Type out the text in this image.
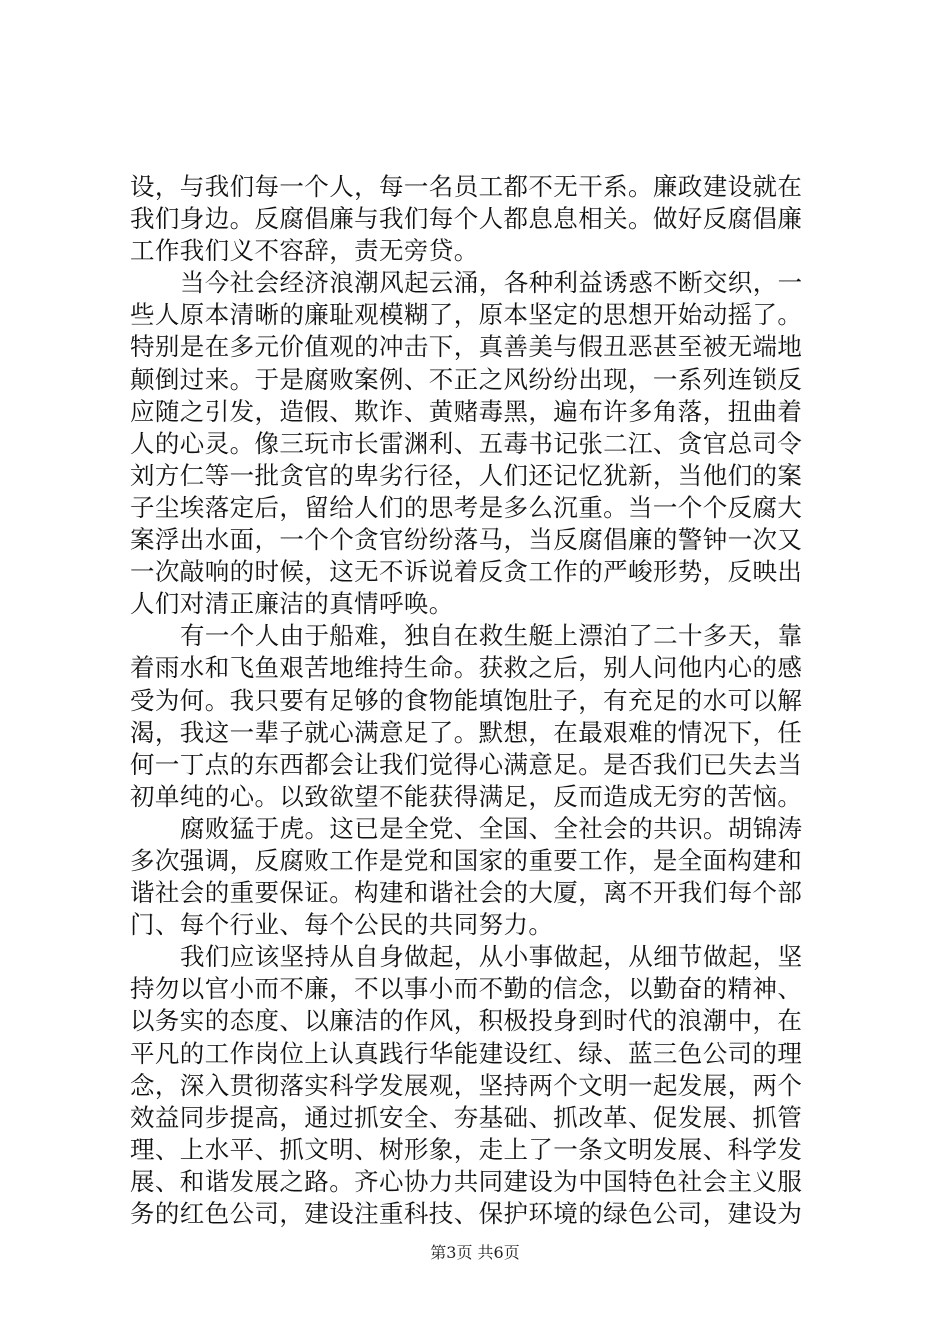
设，与我们每一个人，每一名员工都不无干系。廉政建设就在
我们身边。反腐倡廉与我们每个人都息息相关。做好反腐倡廉
工作我们义不容辞，责无旁贷。
当今社会经济浪潮风起云涌，各种利益诱惑不断交织，一
些人原本清晰的廉耻观模糊了，原本坚定的思想开始动摇了。
特别是在多元价值观的冲击下，真善美与假丑恶甚至被无端地
颠倒过来。于是腐败案例、不正之风纷纷出现，一系列连锁反
应随之引发，造假、欺诈、黄赌毒黑，遍布许多角落，扭曲着
人的心灵。像三玩市长雷渊利、五毒书记张二江、贪官总司令
刘方仁等一批贪官的卑劣行径，人们还记忆犹新，当他们的案
子尘埃落定后，留给人们的思考是多么沉重。当一个个反腐大
案浮出水面，一个个贪官纷纷落马，当反腐倡廉的警钟一次又
一次敲响的时候，这无不诉说着反贪工作的严峻形势，反映出
人们对清正廉洁的真情呼唤。
有一个人由于船难，独自在救生艇上漂泊了二十多天，靠
着雨水和飞鱼艰苦地维持生命。获救之后，别人问他内心的感
受为何。我只要有足够的食物能填饱肚子，有充足的水可以解
渴，我这一辈子就心满意足了。默想，在最艰难的情况下，任
何一丁点的东西都会让我们觉得心满意足。是否我们已失去当
初单纯的心。以致欲望不能获得满足，反而造成无穷的苦恼。
腐败猛于虎。这已是全党、全国、全社会的共识。胡锦涛
多次强调，反腐败工作是党和国家的重要工作，是全面构建和
谐社会的重要保证。构建和谐社会的大厦，离不开我们每个部
门、每个行业、每个公民的共同努力。
我们应该坚持从自身做起，从小事做起，从细节做起，坚
持勿以官小而不廉，不以事小而不勤的信念，以勤奋的精神、
以务实的态度、以廉洁的作风，积极投身到时代的浪潮中，在
平凡的工作岗位上认真践行华能建设红、绿、蓝三色公司的理
念，深入贯彻落实科学发展观，坚持两个文明一起发展，两个
效益同步提高，通过抓安全、夯基础、抓改革、促发展、抓管
理、上水平、抓文明、树形象，走上了一条文明发展、科学发
展、和谐发展之路。齐心协力共同建设为中国特色社会主义服
务的红色公司，建设注重科技、保护环境的绿色公司，建设为
第3页 共6页
